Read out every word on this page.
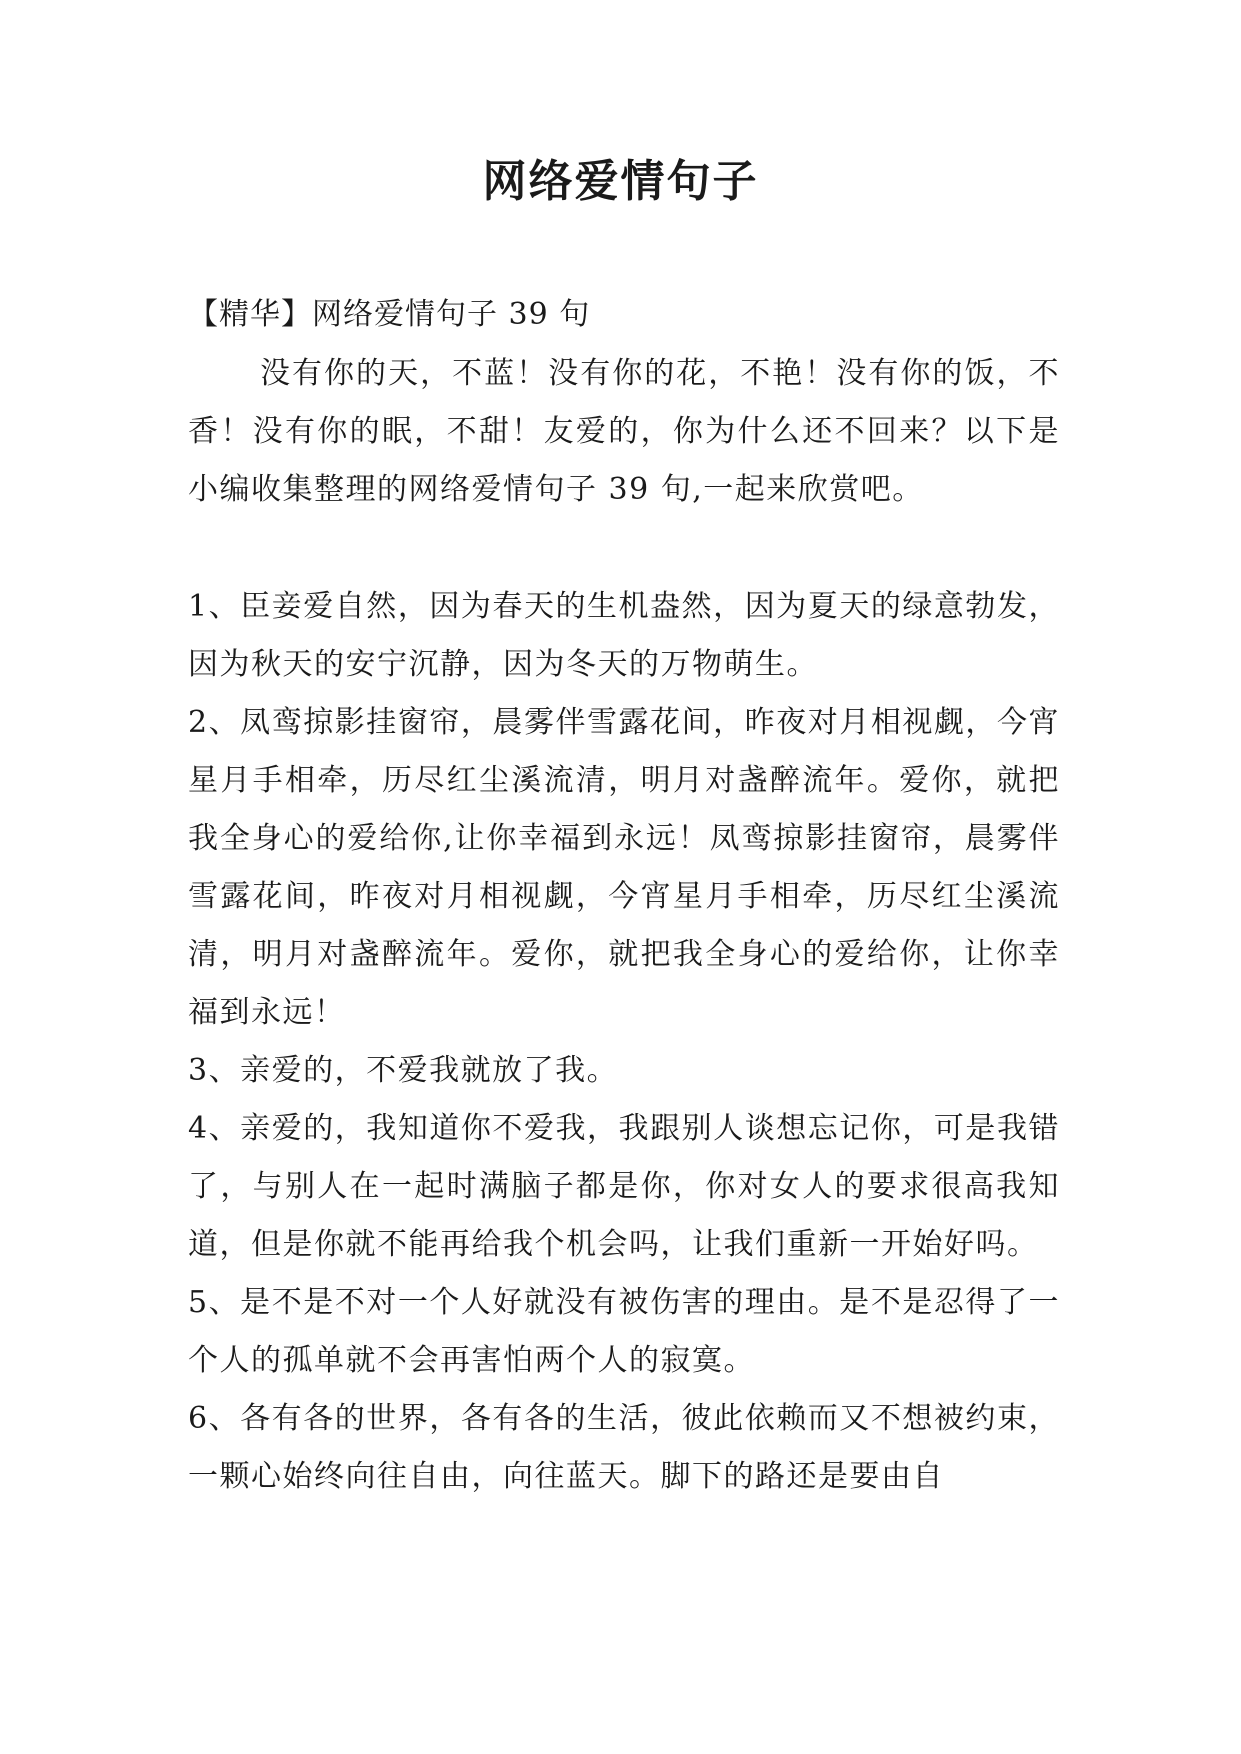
网络爱情句子
【精华】网络爱情句子 39 句
没有你的天，不蓝！没有你的花，不艳！没有你的饭，不香！没有你的眠，不甜！友爱的，你为什么还不回来？以下是小编收集整理的网络爱情句子 39 句,一起来欣赏吧。

1、臣妾爱自然，因为春天的生机盎然，因为夏天的绿意勃发，因为秋天的安宁沉静，因为冬天的万物萌生。

2、凤鸾掠影挂窗帘，晨雾伴雪露花间，昨夜对月相视觑，今宵星月手相牵，历尽红尘溪流清，明月对盏醉流年。爱你，就把我全身心的爱给你,让你幸福到永远！凤鸾掠影挂窗帘，晨雾伴雪露花间，昨夜对月相视觑，今宵星月手相牵，历尽红尘溪流清，明月对盏醉流年。爱你，就把我全身心的爱给你，让你幸福到永远！

3、亲爱的，不爱我就放了我。

4、亲爱的，我知道你不爱我，我跟别人谈想忘记你，可是我错了，与别人在一起时满脑子都是你，你对女人的要求很高我知道，但是你就不能再给我个机会吗，让我们重新一开始好吗。

5、是不是不对一个人好就没有被伤害的理由。是不是忍得了一个人的孤单就不会再害怕两个人的寂寞。

6、各有各的世界，各有各的生活，彼此依赖而又不想被约束，一颗心始终向往自由，向往蓝天。脚下的路还是要由自
